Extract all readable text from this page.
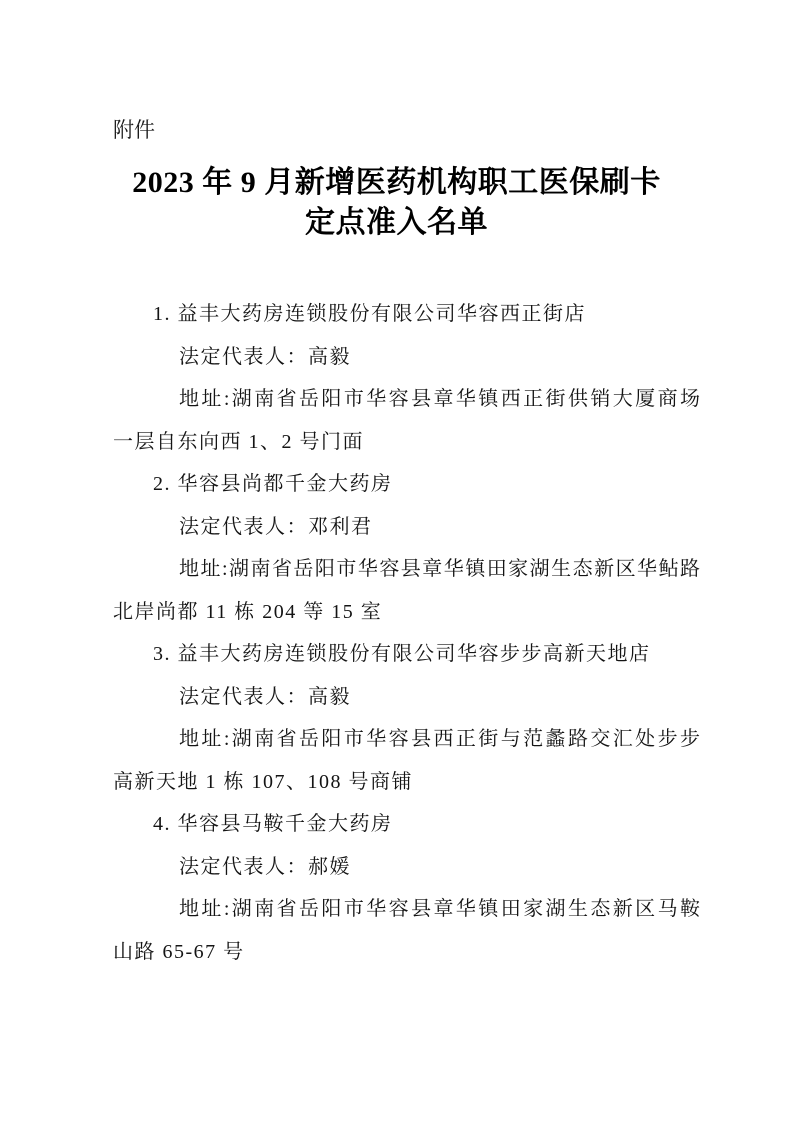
附件
2023 年 9 月新增医药机构职工医保刷卡
定点准入名单
1. 益丰大药房连锁股份有限公司华容西正街店
法定代表人：高毅
地址:湖南省岳阳市华容县章华镇西正街供销大厦商场
一层自东向西 1、2 号门面
2. 华容县尚都千金大药房
法定代表人：邓利君
地址:湖南省岳阳市华容县章华镇田家湖生态新区华鲇路
北岸尚都 11 栋 204 等 15 室
3. 益丰大药房连锁股份有限公司华容步步高新天地店
法定代表人：高毅
地址:湖南省岳阳市华容县西正街与范蠡路交汇处步步
高新天地 1 栋 107、108 号商铺
4. 华容县马鞍千金大药房
法定代表人：郝媛
地址:湖南省岳阳市华容县章华镇田家湖生态新区马鞍
山路 65-67 号
